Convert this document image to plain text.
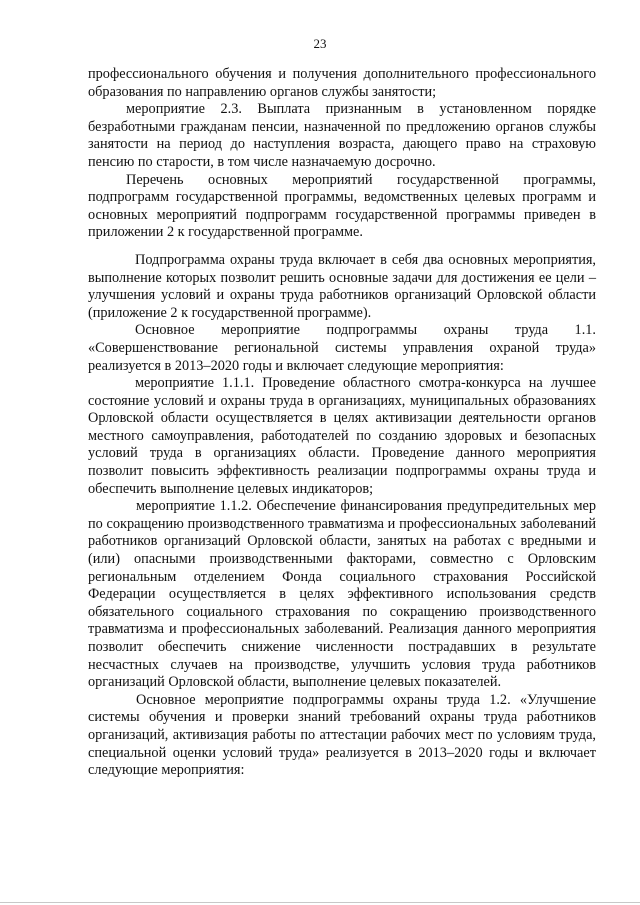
23

профессионального обучения и получения дополнительного профессионального образования по направлению органов службы занятости;

мероприятие 2.3. Выплата признанным в установленном порядке безработными гражданам пенсии, назначенной по предложению органов службы занятости на период до наступления возраста, дающего право на страховую пенсию по старости, в том числе назначаемую досрочно.

Перечень основных мероприятий государственной программы, подпрограмм государственной программы, ведомственных целевых программ и основных мероприятий подпрограмм государственной программы приведен в приложении 2 к государственной программе.

Подпрограмма охраны труда включает в себя два основных мероприятия, выполнение которых позволит решить основные задачи для достижения ее цели – улучшения условий и охраны труда работников организаций Орловской области (приложение 2 к государственной программе).

Основное мероприятие подпрограммы охраны труда 1.1. «Совершенствование региональной системы управления охраной труда» реализуется в 2013–2020 годы и включает следующие мероприятия:

мероприятие 1.1.1. Проведение областного смотра-конкурса на лучшее состояние условий и охраны труда в организациях, муниципальных образованиях Орловской области осуществляется в целях активизации деятельности органов местного самоуправления, работодателей по созданию здоровых и безопасных условий труда в организациях области. Проведение данного мероприятия позволит повысить эффективность реализации подпрограммы охраны труда и обеспечить выполнение целевых индикаторов;

мероприятие 1.1.2. Обеспечение финансирования предупредительных мер по сокращению производственного травматизма и профессиональных заболеваний работников организаций Орловской области, занятых на работах с вредными и (или) опасными производственными факторами, совместно с Орловским региональным отделением Фонда социального страхования Российской Федерации осуществляется в целях эффективного использования средств обязательного социального страхования по сокращению производственного травматизма и профессиональных заболеваний. Реализация данного мероприятия позволит обеспечить снижение численности пострадавших в результате несчастных случаев на производстве, улучшить условия труда работников организаций Орловской области, выполнение целевых показателей.

Основное мероприятие подпрограммы охраны труда 1.2. «Улучшение системы обучения и проверки знаний требований охраны труда работников организаций, активизация работы по аттестации рабочих мест по условиям труда, специальной оценки условий труда» реализуется в 2013–2020 годы и включает следующие мероприятия:
